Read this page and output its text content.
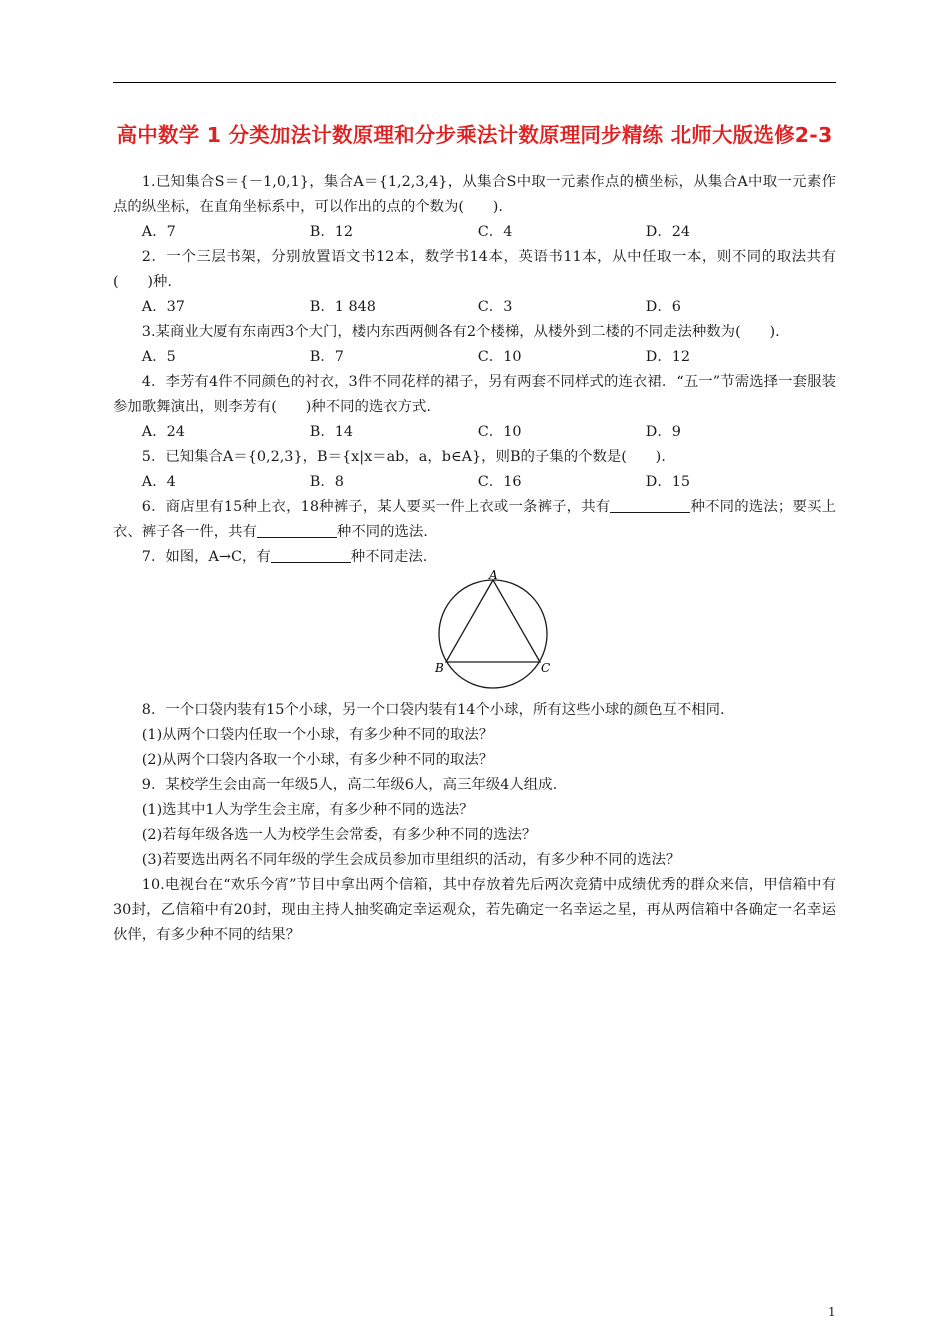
高中数学 1 分类加法计数原理和分步乘法计数原理同步精练 北师大版选修2-3

1.已知集合S＝{－1,0,1}，集合A＝{1,2,3,4}，从集合S中取一元素作点的横坐标，从集合A中取一元素作点的纵坐标，在直角坐标系中，可以作出的点的个数为(　　).

A．7	B．12	C．4	D．24

2．一个三层书架，分别放置语文书12本，数学书14本，英语书11本，从中任取一本，则不同的取法共有(　　)种.

A．37	B．1 848	C．3	D．6

3.某商业大厦有东南西3个大门，楼内东西两侧各有2个楼梯，从楼外到二楼的不同走法种数为(　　).

A．5	B．7	C．10	D．12

4．李芳有4件不同颜色的衬衣，3件不同花样的裙子，另有两套不同样式的连衣裙．“五一”节需选择一套服装参加歌舞演出，则李芳有(　　)种不同的选衣方式.

A．24	B．14	C．10	D．9

5．已知集合A＝{0,2,3}，B＝{x|x＝ab，a，b∈A}，则B的子集的个数是(　　).

A．4	B．8	C．16	D．15

6．商店里有15种上衣，18种裤子，某人要买一件上衣或一条裤子，共有	种不同的选法；要买上衣、裤子各一件，共有	种不同的选法.

7．如图，A→C，有	种不同走法.

A
B	C

8．一个口袋内装有15个小球，另一个口袋内装有14个小球，所有这些小球的颜色互不相同.

(1)从两个口袋内任取一个小球，有多少种不同的取法？

(2)从两个口袋内各取一个小球，有多少种不同的取法？

9．某校学生会由高一年级5人，高二年级6人，高三年级4人组成.

(1)选其中1人为学生会主席，有多少种不同的选法？

(2)若每年级各选一人为校学生会常委，有多少种不同的选法？

(3)若要选出两名不同年级的学生会成员参加市里组织的活动，有多少种不同的选法？

10.电视台在“欢乐今宵”节目中拿出两个信箱，其中存放着先后两次竞猜中成绩优秀的群众来信，甲信箱中有30封，乙信箱中有20封，现由主持人抽奖确定幸运观众，若先确定一名幸运之星，再从两信箱中各确定一名幸运伙伴，有多少种不同的结果？

1
